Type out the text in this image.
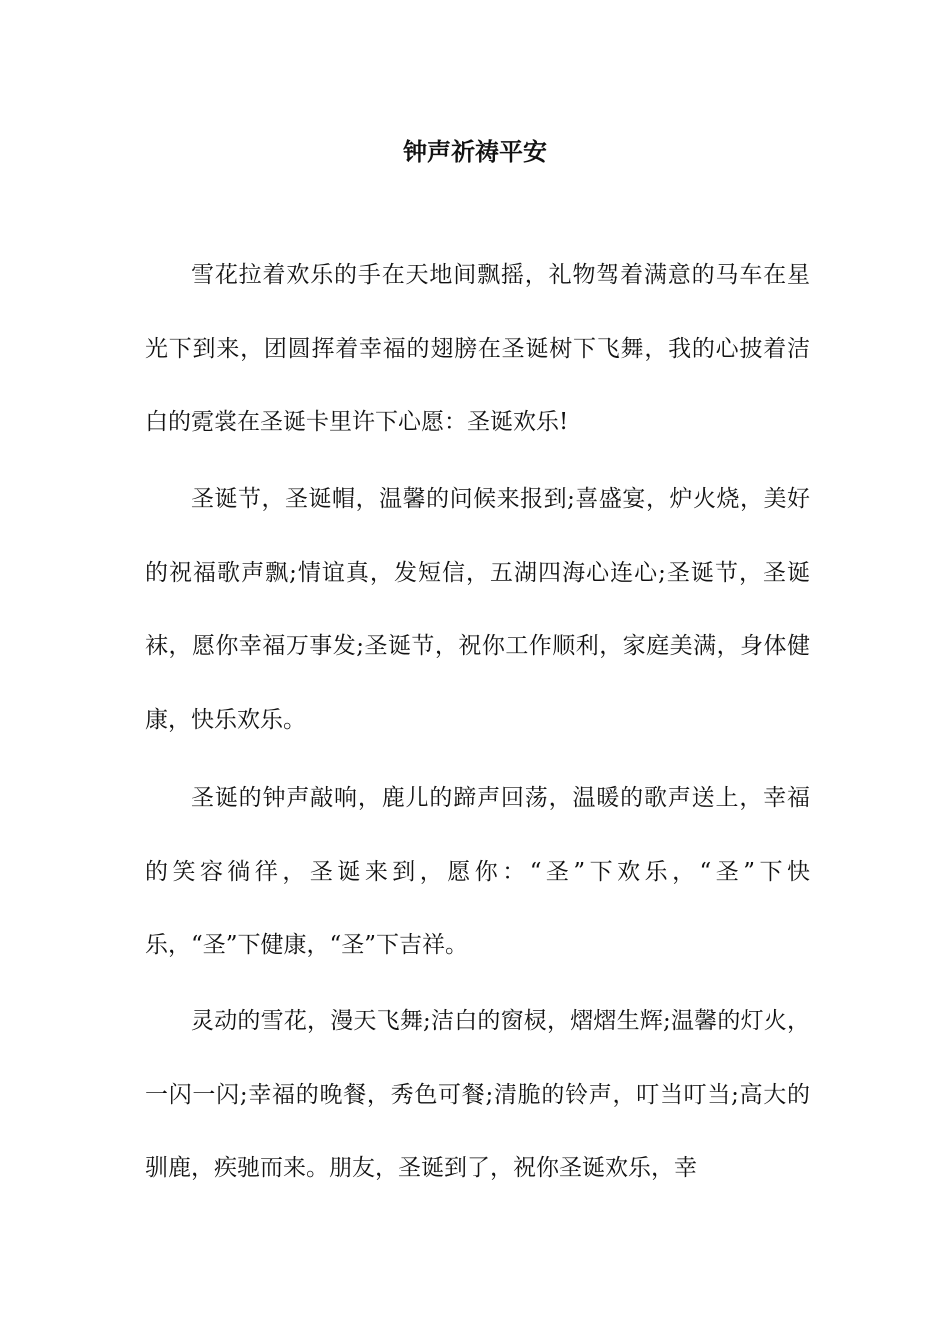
钟声祈祷平安

雪花拉着欢乐的手在天地间飘摇，礼物驾着满意的马车在星光下到来，团圆挥着幸福的翅膀在圣诞树下飞舞，我的心披着洁白的霓裳在圣诞卡里许下心愿：圣诞欢乐!

圣诞节，圣诞帽，温馨的问候来报到;喜盛宴，炉火烧，美好的祝福歌声飘;情谊真，发短信，五湖四海心连心;圣诞节，圣诞袜，愿你幸福万事发;圣诞节，祝你工作顺利，家庭美满，身体健康，快乐欢乐。

圣诞的钟声敲响，鹿儿的蹄声回荡，温暖的歌声送上，幸福的笑容徜徉，圣诞来到，愿你：“圣”下欢乐，“圣”下快乐，“圣”下健康，“圣”下吉祥。

灵动的雪花，漫天飞舞;洁白的窗棂，熠熠生辉;温馨的灯火，一闪一闪;幸福的晚餐，秀色可餐;清脆的铃声，叮当叮当;高大的驯鹿，疾驰而来。朋友，圣诞到了，祝你圣诞欢乐，幸
